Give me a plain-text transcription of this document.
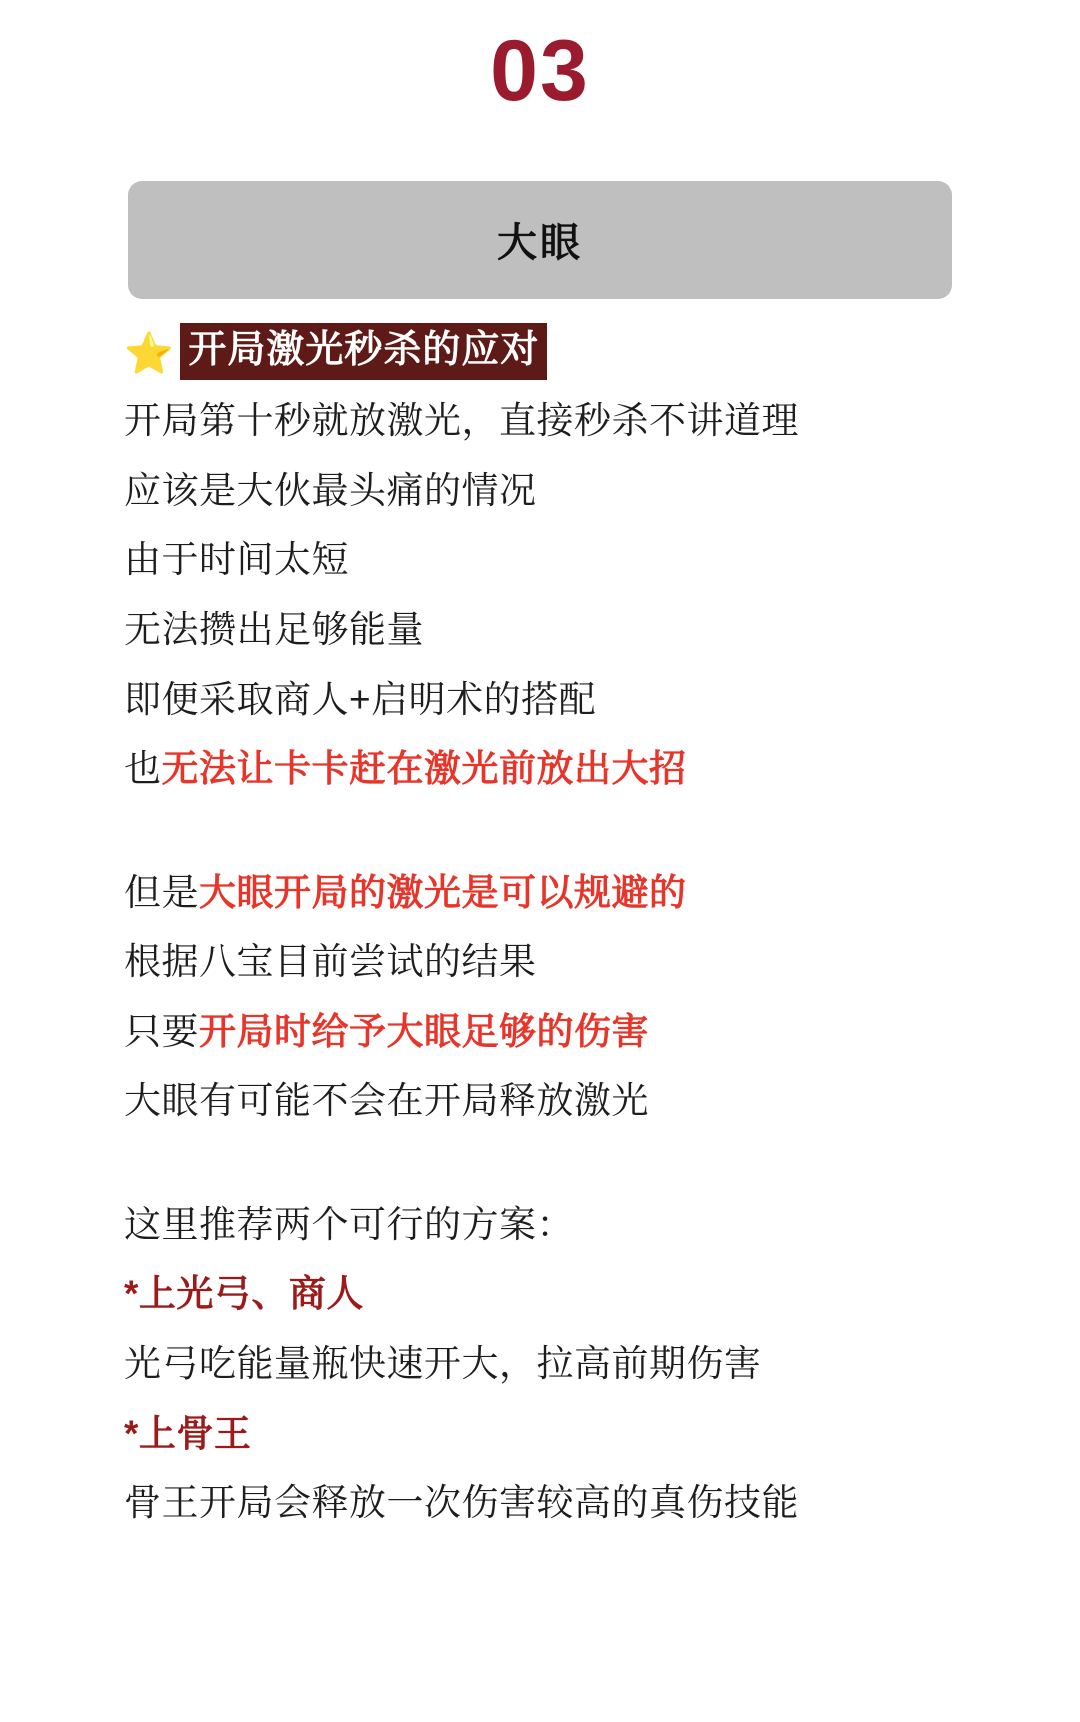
03
大眼
⭐ 开局激光秒杀的应对
开局第十秒就放激光，直接秒杀不讲道理
应该是大伙最头痛的情况
由于时间太短
无法攒出足够能量
即便采取商人+启明术的搭配
也无法让卡卡赶在激光前放出大招
但是大眼开局的激光是可以规避的
根据八宝目前尝试的结果
只要开局时给予大眼足够的伤害
大眼有可能不会在开局释放激光
这里推荐两个可行的方案：
*上光弓、商人
光弓吃能量瓶快速开大，拉高前期伤害
*上骨王
骨王开局会释放一次伤害较高的真伤技能
